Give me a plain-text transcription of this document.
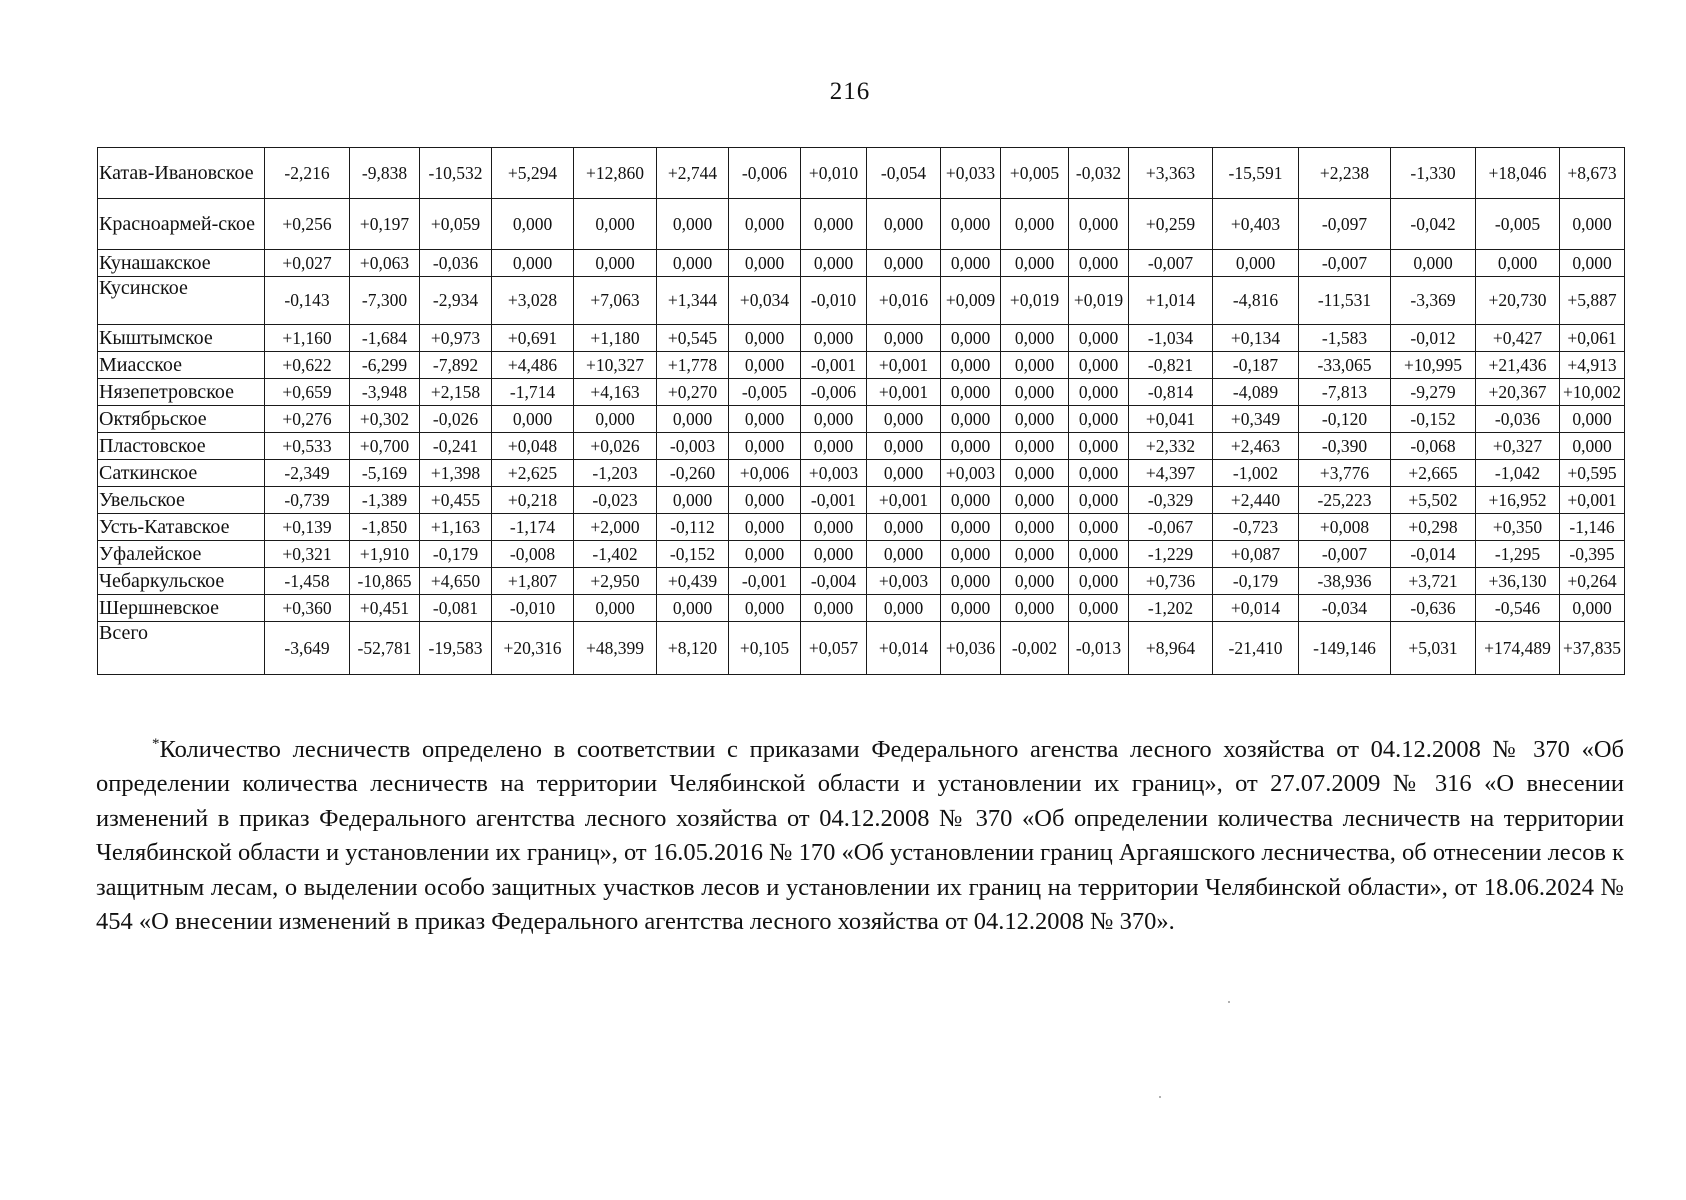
216
Катав-Ивановское	-2,216	-9,838	-10,532	+5,294	+12,860	+2,744	-0,006	+0,010	-0,054	+0,033	+0,005	-0,032	+3,363	-15,591	+2,238	-1,330	+18,046	+8,673
Красноармей-ское	+0,256	+0,197	+0,059	0,000	0,000	0,000	0,000	0,000	0,000	0,000	0,000	0,000	+0,259	+0,403	-0,097	-0,042	-0,005	0,000
Кунашакское	+0,027	+0,063	-0,036	0,000	0,000	0,000	0,000	0,000	0,000	0,000	0,000	0,000	-0,007	0,000	-0,007	0,000	0,000	0,000
Кусинское	-0,143	-7,300	-2,934	+3,028	+7,063	+1,344	+0,034	-0,010	+0,016	+0,009	+0,019	+0,019	+1,014	-4,816	-11,531	-3,369	+20,730	+5,887
Кыштымское	+1,160	-1,684	+0,973	+0,691	+1,180	+0,545	0,000	0,000	0,000	0,000	0,000	0,000	-1,034	+0,134	-1,583	-0,012	+0,427	+0,061
Миасское	+0,622	-6,299	-7,892	+4,486	+10,327	+1,778	0,000	-0,001	+0,001	0,000	0,000	0,000	-0,821	-0,187	-33,065	+10,995	+21,436	+4,913
Нязепетровское	+0,659	-3,948	+2,158	-1,714	+4,163	+0,270	-0,005	-0,006	+0,001	0,000	0,000	0,000	-0,814	-4,089	-7,813	-9,279	+20,367	+10,002
Октябрьское	+0,276	+0,302	-0,026	0,000	0,000	0,000	0,000	0,000	0,000	0,000	0,000	0,000	+0,041	+0,349	-0,120	-0,152	-0,036	0,000
Пластовское	+0,533	+0,700	-0,241	+0,048	+0,026	-0,003	0,000	0,000	0,000	0,000	0,000	0,000	+2,332	+2,463	-0,390	-0,068	+0,327	0,000
Саткинское	-2,349	-5,169	+1,398	+2,625	-1,203	-0,260	+0,006	+0,003	0,000	+0,003	0,000	0,000	+4,397	-1,002	+3,776	+2,665	-1,042	+0,595
Увельское	-0,739	-1,389	+0,455	+0,218	-0,023	0,000	0,000	-0,001	+0,001	0,000	0,000	0,000	-0,329	+2,440	-25,223	+5,502	+16,952	+0,001
Усть-Катавское	+0,139	-1,850	+1,163	-1,174	+2,000	-0,112	0,000	0,000	0,000	0,000	0,000	0,000	-0,067	-0,723	+0,008	+0,298	+0,350	-1,146
Уфалейское	+0,321	+1,910	-0,179	-0,008	-1,402	-0,152	0,000	0,000	0,000	0,000	0,000	0,000	-1,229	+0,087	-0,007	-0,014	-1,295	-0,395
Чебаркульское	-1,458	-10,865	+4,650	+1,807	+2,950	+0,439	-0,001	-0,004	+0,003	0,000	0,000	0,000	+0,736	-0,179	-38,936	+3,721	+36,130	+0,264
Шершневское	+0,360	+0,451	-0,081	-0,010	0,000	0,000	0,000	0,000	0,000	0,000	0,000	0,000	-1,202	+0,014	-0,034	-0,636	-0,546	0,000
Всего	-3,649	-52,781	-19,583	+20,316	+48,399	+8,120	+0,105	+0,057	+0,014	+0,036	-0,002	-0,013	+8,964	-21,410	-149,146	+5,031	+174,489	+37,835

*Количество лесничеств определено в соответствии с приказами Федерального агенства лесного хозяйства от 04.12.2008 № 370 «Об определении количества лесничеств на территории Челябинской области и установлении их границ», от 27.07.2009 № 316 «О внесении изменений в приказ Федерального агентства лесного хозяйства от 04.12.2008 № 370 «Об определении количества лесничеств на территории Челябинской области и установлении их границ», от 16.05.2016 № 170 «Об установлении границ Аргаяшского лесничества, об отнесении лесов к защитным лесам, о выделении особо защитных участков лесов и установлении их границ на территории Челябинской области», от 18.06.2024 № 454 «О внесении изменений в приказ Федерального агентства лесного хозяйства от 04.12.2008 № 370».
